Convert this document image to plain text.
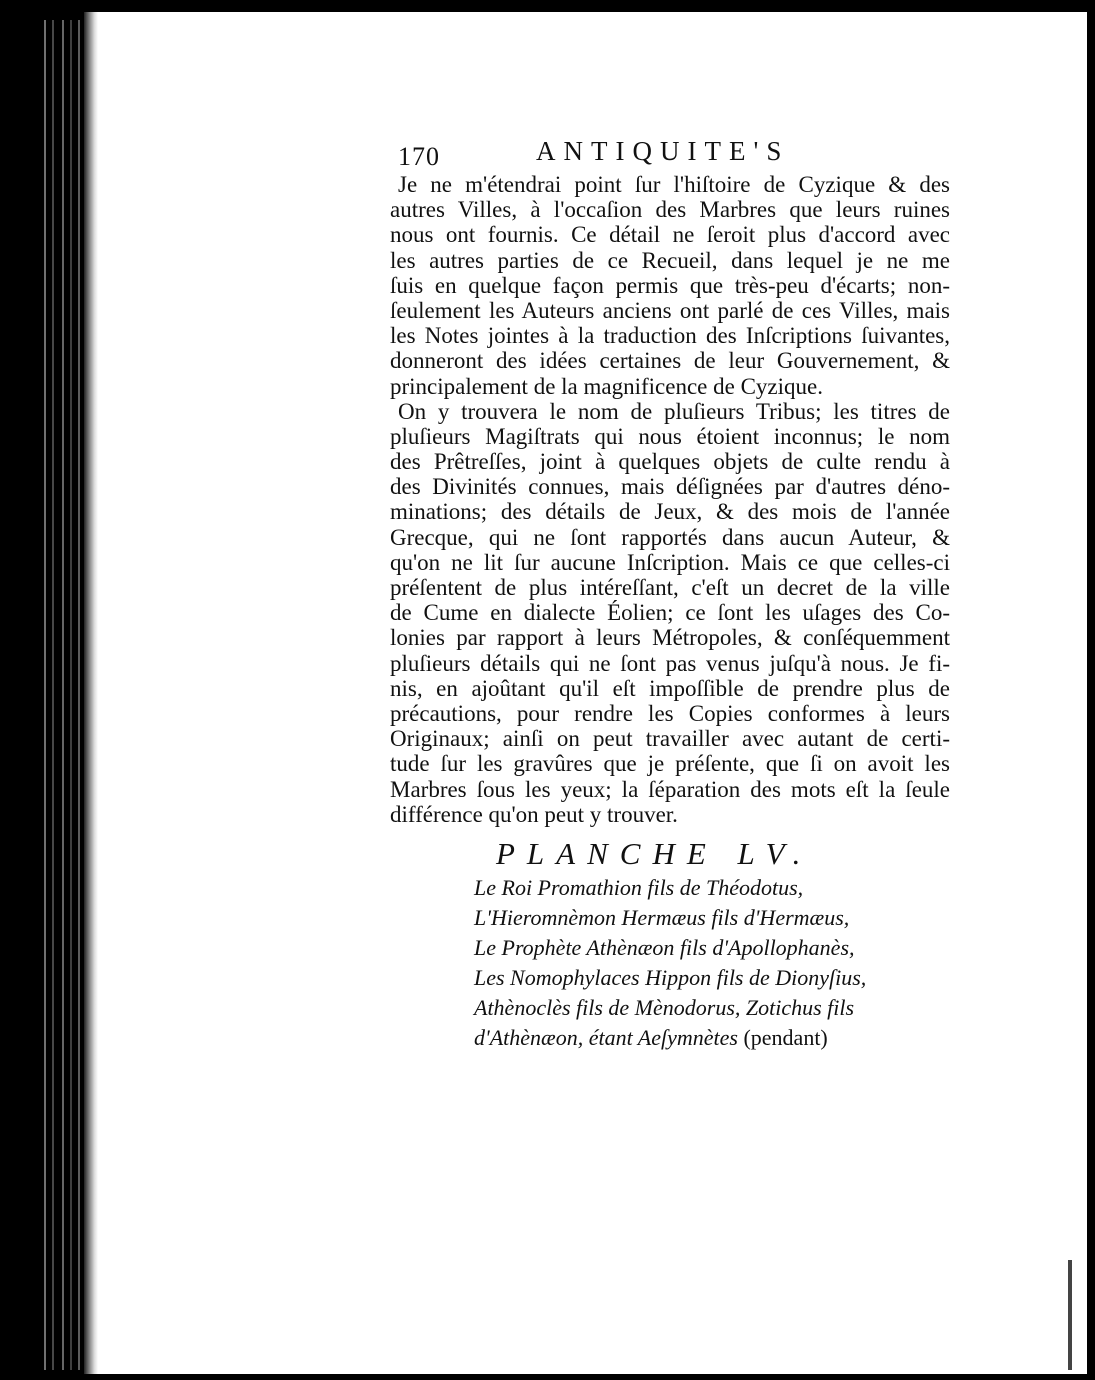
170	ANTIQUITE'S
Je ne m'étendrai point ſur l'hiſtoire de Cyzique & des
autres Villes, à l'occaſion des Marbres que leurs ruines
nous ont fournis. Ce détail ne ſeroit plus d'accord avec
les autres parties de ce Recueil, dans lequel je ne me
ſuis en quelque façon permis que très-peu d'écarts; non-
ſeulement les Auteurs anciens ont parlé de ces Villes, mais
les Notes jointes à la traduction des Inſcriptions ſuivantes,
donneront des idées certaines de leur Gouvernement, &
principalement de la magnificence de Cyzique.
On y trouvera le nom de pluſieurs Tribus; les titres de
pluſieurs Magiſtrats qui nous étoient inconnus; le nom
des Prêtreſſes, joint à quelques objets de culte rendu à
des Divinités connues, mais déſignées par d'autres déno-
minations; des détails de Jeux, & des mois de l'année
Grecque, qui ne ſont rapportés dans aucun Auteur, &
qu'on ne lit ſur aucune Inſcription. Mais ce que celles-ci
préſentent de plus intéreſſant, c'eſt un decret de la ville
de Cume en dialecte Éolien; ce ſont les uſages des Co-
lonies par rapport à leurs Métropoles, & conſéquemment
pluſieurs détails qui ne ſont pas venus juſqu'à nous. Je fi-
nis, en ajoûtant qu'il eſt impoſſible de prendre plus de
précautions, pour rendre les Copies conformes à leurs
Originaux; ainſi on peut travailler avec autant de certi-
tude ſur les gravûres que je préſente, que ſi on avoit les
Marbres ſous les yeux; la ſéparation des mots eſt la ſeule
différence qu'on peut y trouver.
PLANCHE LV.
Le Roi Promathion fils de Théodotus,
L'Hieromnèmon Hermæus fils d'Hermæus,
Le Prophète Athènæon fils d'Apollophanès,
Les Nomophylaces Hippon fils de Dionyſius,
Athènoclès fils de Mènodorus, Zotichus fils
d'Athènæon, étant Aeſymnètes (pendant)
